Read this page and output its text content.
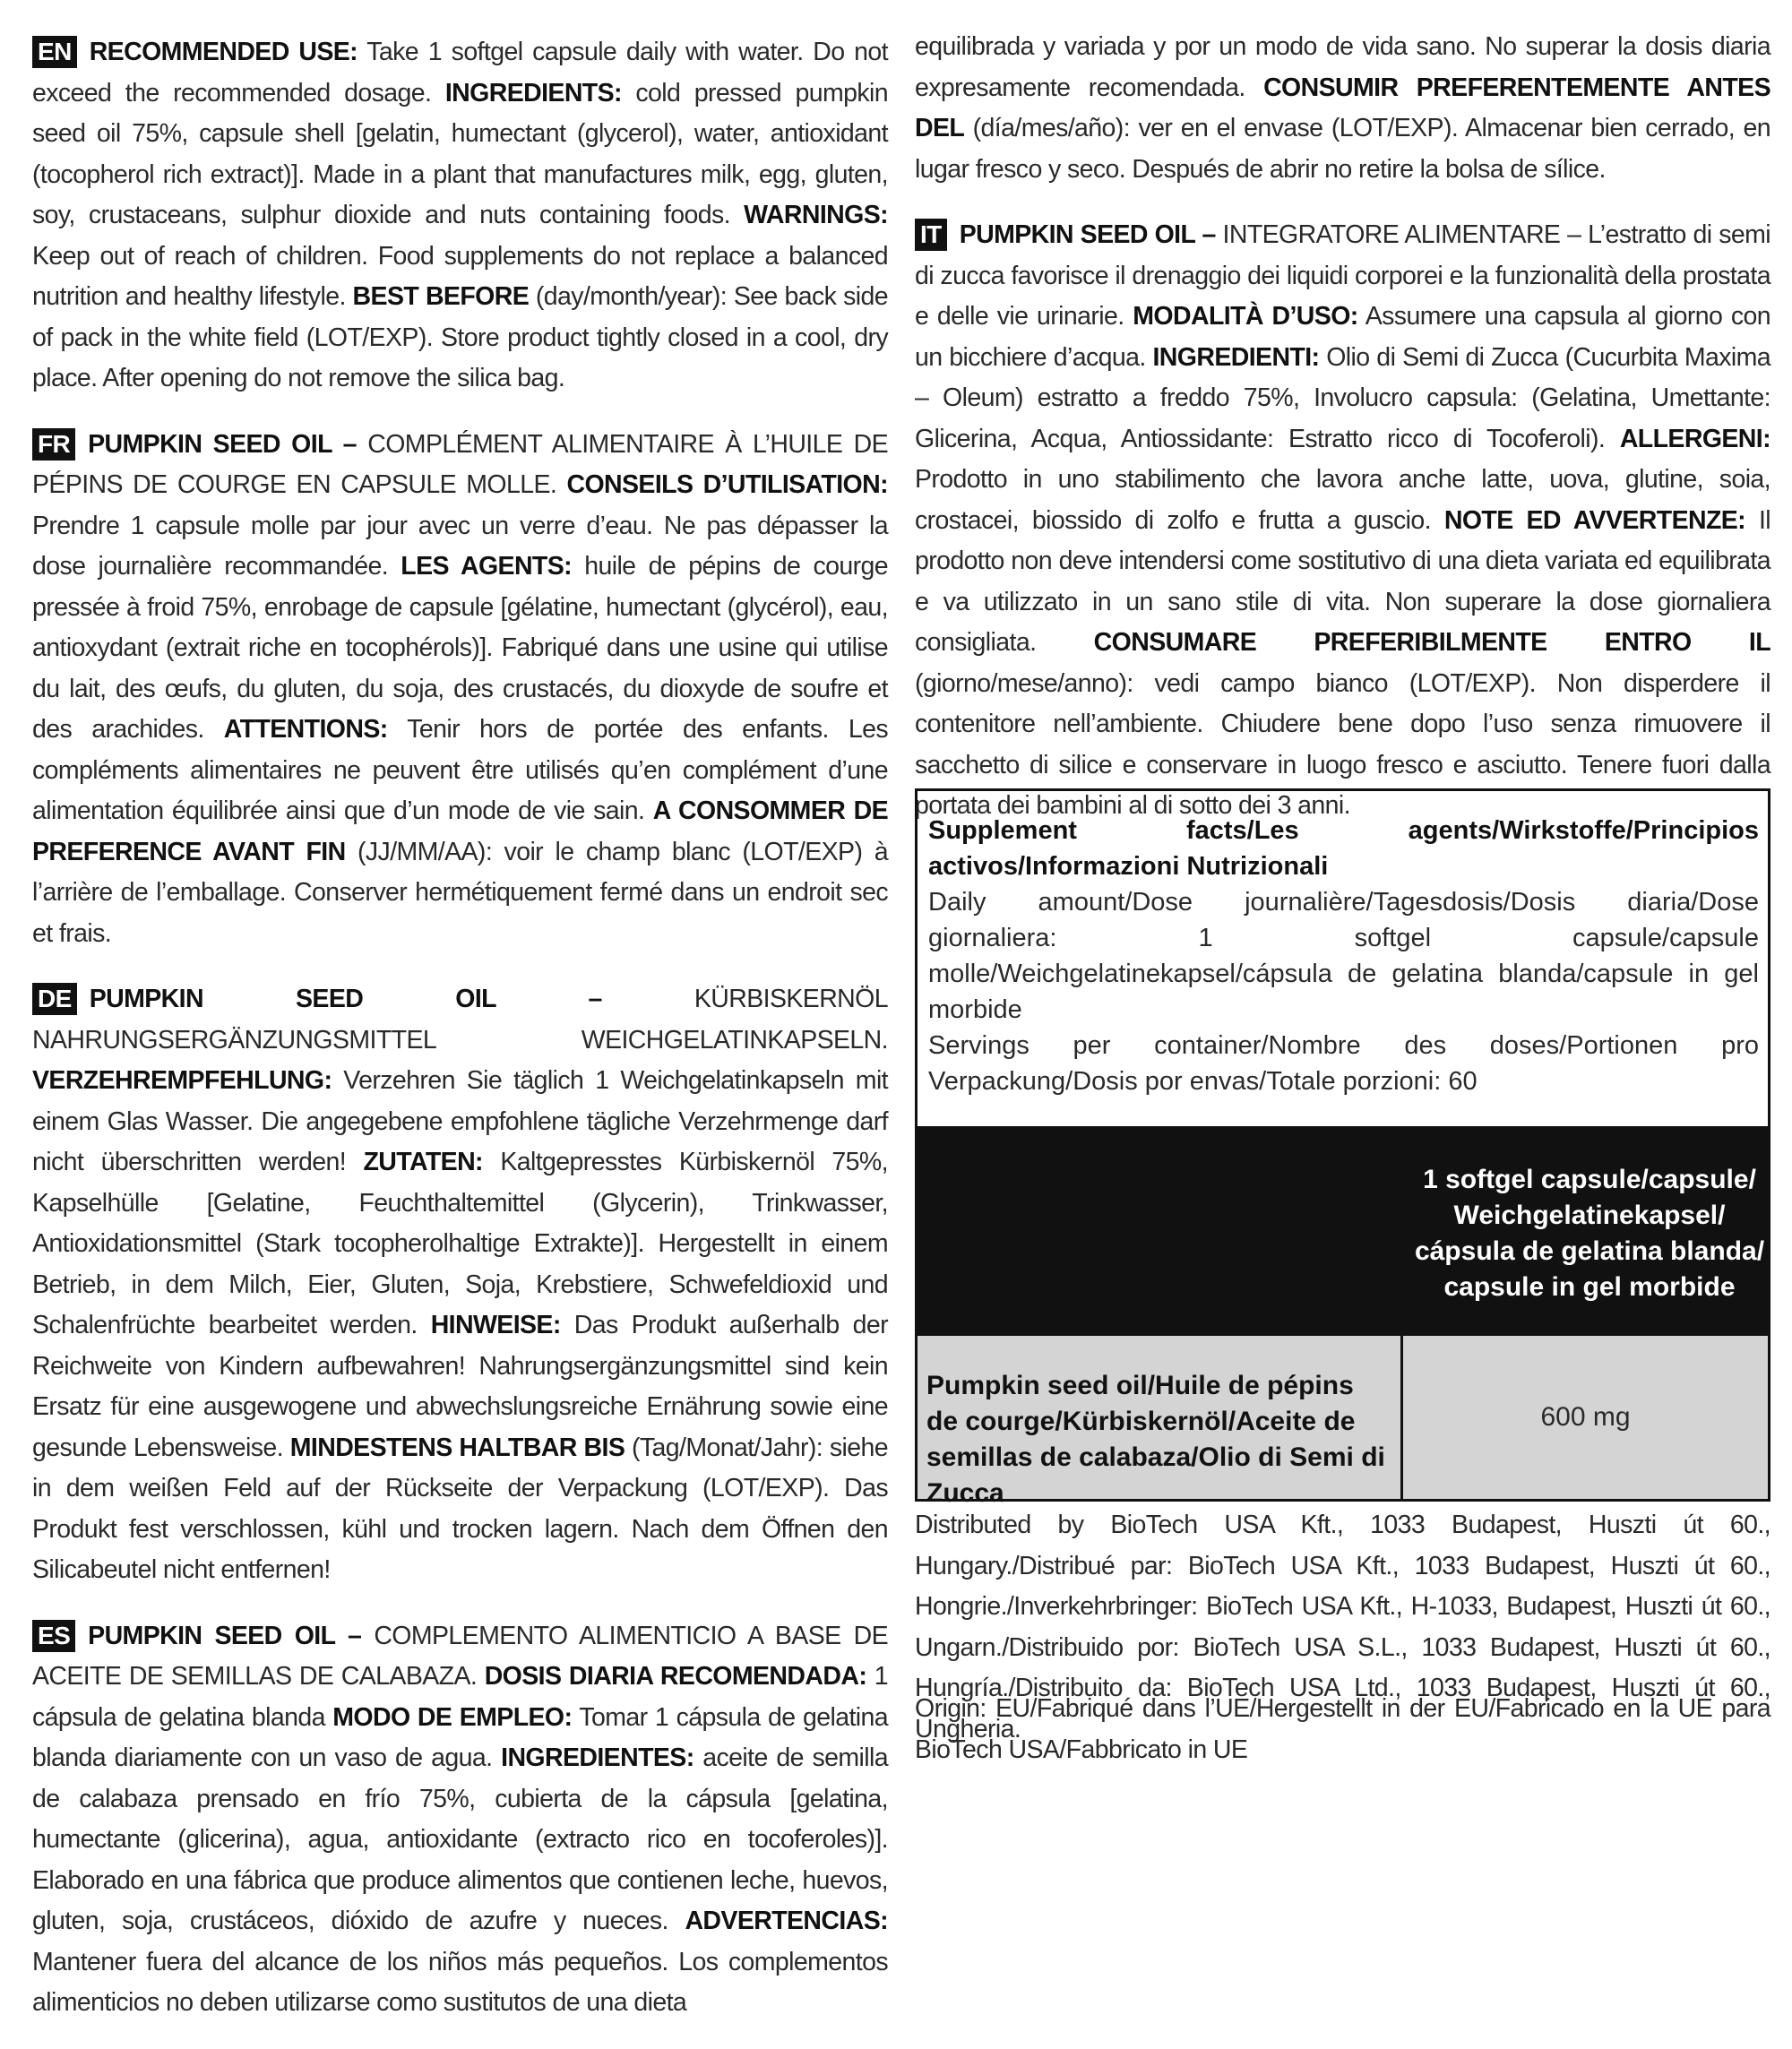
EN RECOMMENDED USE: Take 1 softgel capsule daily with water. Do not exceed the recommended dosage. INGREDIENTS: cold pressed pumpkin seed oil 75%, capsule shell [gelatin, humectant (glycerol), water, antioxidant (tocopherol rich extract)]. Made in a plant that manufactures milk, egg, gluten, soy, crustaceans, sulphur dioxide and nuts containing foods. WARNINGS: Keep out of reach of children. Food supplements do not replace a balanced nutrition and healthy lifestyle. BEST BEFORE (day/month/year): See back side of pack in the white field (LOT/EXP). Store product tightly closed in a cool, dry place. After opening do not remove the silica bag.

FR PUMPKIN SEED OIL – COMPLÉMENT ALIMENTAIRE À L’HUILE DE PÉPINS DE COURGE EN CAPSULE MOLLE. CONSEILS D’UTILISATION: Prendre 1 capsule molle par jour avec un verre d’eau. Ne pas dépasser la dose journalière recommandée. LES AGENTS: huile de pépins de courge pressée à froid 75%, enrobage de capsule [gélatine, humectant (glycérol), eau, antioxydant (extrait riche en tocophérols)]. Fabriqué dans une usine qui utilise du lait, des œufs, du gluten, du soja, des crustacés, du dioxyde de soufre et des arachides. ATTENTIONS: Tenir hors de portée des enfants. Les compléments alimentaires ne peuvent être utilisés qu’en complément d’une alimentation équilibrée ainsi que d’un mode de vie sain. A CONSOMMER DE PREFERENCE AVANT FIN (JJ/MM/AA): voir le champ blanc (LOT/EXP) à l’arrière de l’emballage. Conserver hermétiquement fermé dans un endroit sec et frais.

DE PUMPKIN SEED OIL – KÜRBISKERNÖL NAHRUNGSERGÄNZUNGSMITTEL WEICHGELATINKAPSELN. VERZEHREMPFEHLUNG: Verzehren Sie täglich 1 Weichgelatinkapseln mit einem Glas Wasser. Die angegebene empfohlene tägliche Verzehrmenge darf nicht überschritten werden! ZUTATEN: Kaltgepresstes Kürbiskernöl 75%, Kapselhülle [Gelatine, Feuchthaltemittel (Glycerin), Trinkwasser, Antioxidationsmittel (Stark tocopherolhaltige Extrakte)]. Hergestellt in einem Betrieb, in dem Milch, Eier, Gluten, Soja, Krebstiere, Schwefeldioxid und Schalenfrüchte bearbeitet werden. HINWEISE: Das Produkt außerhalb der Reichweite von Kindern aufbewahren! Nahrungsergänzungsmittel sind kein Ersatz für eine ausgewogene und abwechslungsreiche Ernährung sowie eine gesunde Lebensweise. MINDESTENS HALTBAR BIS (Tag/Monat/Jahr): siehe in dem weißen Feld auf der Rückseite der Verpackung (LOT/EXP). Das Produkt fest verschlossen, kühl und trocken lagern. Nach dem Öffnen den Silicabeutel nicht entfernen!

ES PUMPKIN SEED OIL – COMPLEMENTO ALIMENTICIO A BASE DE ACEITE DE SEMILLAS DE CALABAZA. DOSIS DIARIA RECOMENDADA: 1 cápsula de gelatina blanda MODO DE EMPLEO: Tomar 1 cápsula de gelatina blanda diariamente con un vaso de agua. INGREDIENTES: aceite de semilla de calabaza prensado en frío 75%, cubierta de la cápsula [gelatina, humectante (glicerina), agua, antioxidante (extracto rico en tocoferoles)]. Elaborado en una fábrica que produce alimentos que contienen leche, huevos, gluten, soja, crustáceos, dióxido de azufre y nueces. ADVERTENCIAS: Mantener fuera del alcance de los niños más pequeños. Los complementos alimenticios no deben utilizarse como sustitutos de una dieta

equilibrada y variada y por un modo de vida sano. No superar la dosis diaria expresamente recomendada. CONSUMIR PREFERENTEMENTE ANTES DEL (día/mes/año): ver en el envase (LOT/EXP). Almacenar bien cerrado, en lugar fresco y seco. Después de abrir no retire la bolsa de sílice.

IT PUMPKIN SEED OIL – INTEGRATORE ALIMENTARE – L’estratto di semi di zucca favorisce il drenaggio dei liquidi corporei e la funzionalità della prostata e delle vie urinarie. MODALITÀ D’USO: Assumere una capsula al giorno con un bicchiere d’acqua. INGREDIENTI: Olio di Semi di Zucca (Cucurbita Maxima – Oleum) estratto a freddo 75%, Involucro capsula: (Gelatina, Umettante: Glicerina, Acqua, Antiossidante: Estratto ricco di Tocoferoli). ALLERGENI: Prodotto in uno stabilimento che lavora anche latte, uova, glutine, soia, crostacei, biossido di zolfo e frutta a guscio. NOTE ED AVVERTENZE: Il prodotto non deve intendersi come sostitutivo di una dieta variata ed equilibrata e va utilizzato in un sano stile di vita. Non superare la dose giornaliera consigliata. CONSUMARE PREFERIBILMENTE ENTRO IL (giorno/mese/anno): vedi campo bianco (LOT/EXP). Non disperdere il contenitore nell’ambiente. Chiudere bene dopo l’uso senza rimuovere il sacchetto di silice e conservare in luogo fresco e asciutto. Tenere fuori dalla portata dei bambini al di sotto dei 3 anni.

Supplement facts/Les agents/Wirkstoffe/Principios activos/Informazioni Nutrizionali
Daily amount/Dose journalière/Tagesdosis/Dosis diaria/Dose giornaliera: 1 softgel capsule/capsule molle/Weichgelatinekapsel/cápsula de gelatina blanda/capsule in gel morbide
Servings per container/Nombre des doses/Portionen pro Verpackung/Dosis por envas/Totale porzioni: 60
1 softgel capsule/capsule/ Weichgelatinekapsel/ cápsula de gelatina blanda/ capsule in gel morbide
Pumpkin seed oil/Huile de pépins de courge/Kürbiskernöl/Aceite de semillas de calabaza/Olio di Semi di Zucca
600 mg
Distributed by BioTech USA Kft., 1033 Budapest, Huszti út 60., Hungary./Distribué par: BioTech USA Kft., 1033 Budapest, Huszti út 60., Hongrie./Inverkehrbringer: BioTech USA Kft., H-1033, Budapest, Huszti út 60., Ungarn./Distribuido por: BioTech USA S.L., 1033 Budapest, Huszti út 60., Hungría./Distribuito da: BioTech USA Ltd., 1033 Budapest, Huszti út 60., Ungheria.
Origin: EU/Fabriqué dans l’UE/Hergestellt in der EU/Fabricado en la UE para BioTech USA/Fabbricato in UE
